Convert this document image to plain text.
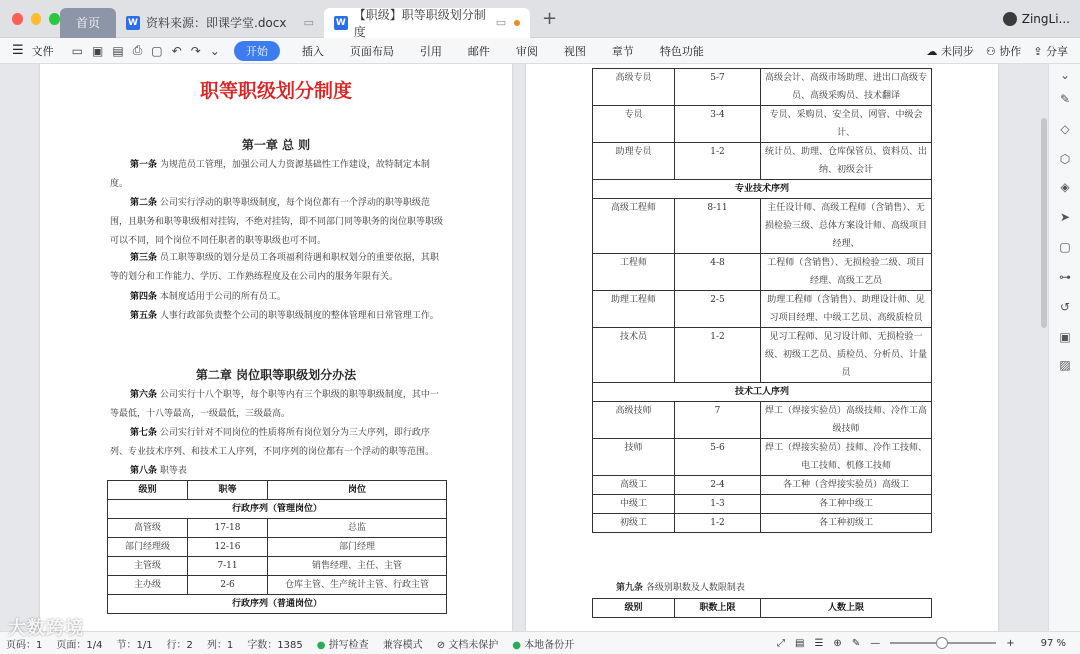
首页	W 资料来源：即课学堂.docx ▭ W
【职级】职等职级划分制度
▭ +	ZingLi...
☰ 文件 ▭ ▣ ▤ ⎙ ▢ ↶ ↷ ⌄	开始	插入 页面布局 引用 邮件 审阅 视图 章节 特色功能	☁ 未同步 ⚇ 协作 ⇪ 分享
职等职级划分制度
第一章 总 则
第一条 为规范员工管理，加强公司人力资源基础性工作建设，故特制定本制度。
第二条 公司实行浮动的职等职级制度，每个岗位都有一个浮动的职等职级范围，且职务和职等职级相对挂钩，不绝对挂钩，即不同部门同等职务的岗位职等职级可以不同，同个岗位不同任职者的职等职级也可不同。
第三条 员工职等职级的划分是员工各项福利待遇和职权划分的重要依据，其职等的划分和工作能力、学历、工作熟练程度及在公司内的服务年限有关。
第四条 本制度适用于公司的所有员工。
第五条 人事行政部负责整个公司的职等职级制度的整体管理和日常管理工作。
第二章 岗位职等职级划分办法
第六条 公司实行十八个职等，每个职等内有三个职级的职等职级制度，其中一等最低，十八等最高，一级最低，三级最高。
第七条 公司实行针对不同岗位的性质将所有岗位划分为三大序列，即行政序列、专业技术序列、和技术工人序列，不同序列的岗位都有一个浮动的职等范围。
第八条 职等表
级别	职等	岗位
行政序列（管理岗位）		
高管级	17-18	总监
部门经理级	12-16	部门经理
主管级	7-11	销售经理、主任、主管
主办级	2-6	仓库主管、生产统计主管、行政主管
行政序列（普通岗位）		
高级专员	5-7	高级会计、高级市场助理、进出口高级专员、高级采购员、技术翻译
专员	3-4	专员、采购员、安全员、网管、中级会计、
助理专员	1-2	统计员、助理、仓库保管员、资料员、出纳、初级会计
专业技术序列		
高级工程师	8-11	主任设计师、高级工程师（含销售）、无损检验三级、总体方案设计师、高级项目经理、
工程师	4-8	工程师（含销售）、无损检验二级、项目经理、高级工艺员
助理工程师	2-5	助理工程师（含销售）、助理设计师、见习项目经理、中级工艺员、高级质检员
技术员	1-2	见习工程师、见习设计师、无损检验一级、初级工艺员、质检员、分析员、计量员
技术工人序列		
高级技师	7	焊工（焊接实验员）高级技师、冷作工高级技师
技师	5-6	焊工（焊接实验员）技师、冷作工技师、电工技师、机修工技师
高级工	2-4	各工种（含焊接实验员）高级工
中级工	1-3	各工种中级工
初级工	1-2	各工种初级工
第九条 各级别职数及人数限制表
级别	职数上限	人数上限
⌄
✎
◇
⬡
◈
➤
▢
⊶
↺
▣
▨
页码：1 页面：1/4 节：1/1 行：2 列：1 字数：1385 ● 拼写检查 兼容模式 ⊘ 文档未保护 ● 本地备份开	⤢ ▤ ☰ ⊕ ✎ —	+	97 %
大数跨境
